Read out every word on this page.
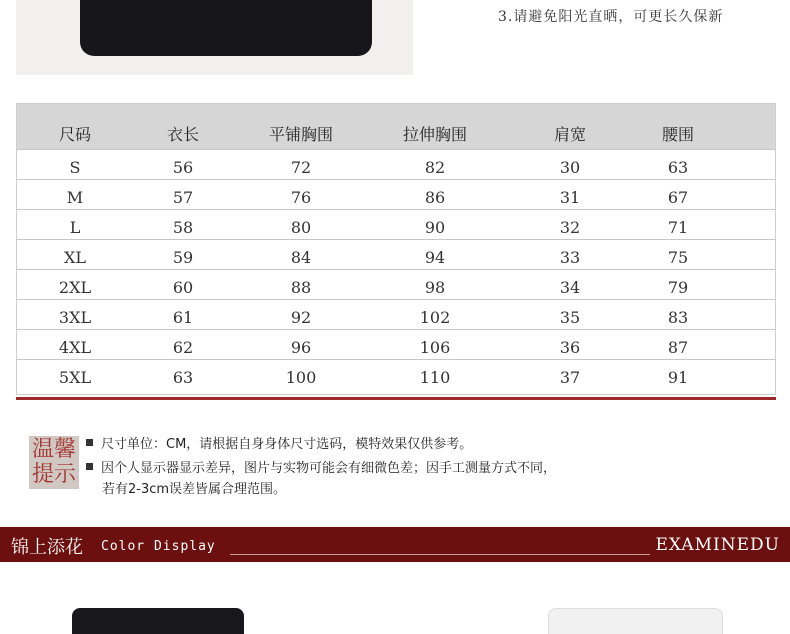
3.请避免阳光直晒，可更长久保新
尺码	衣长	平铺胸围	拉伸胸围	肩宽	腰围
S	56	72	82	30	63
M	57	76	86	31	67
L	58	80	90	32	71
XL	59	84	94	33	75
2XL	60	88	98	34	79
3XL	61	92	102	35	83
4XL	62	96	106	36	87
5XL	63	100	110	37	91
温馨
提示
尺寸单位：CM，请根据自身身体尺寸选码，模特效果仅供参考。
因个人显示器显示差异，图片与实物可能会有细微色差；因手工测量方式不同，
若有2-3cm误差皆属合理范围。
锦上添花 Color Display	EXAMINEDU
